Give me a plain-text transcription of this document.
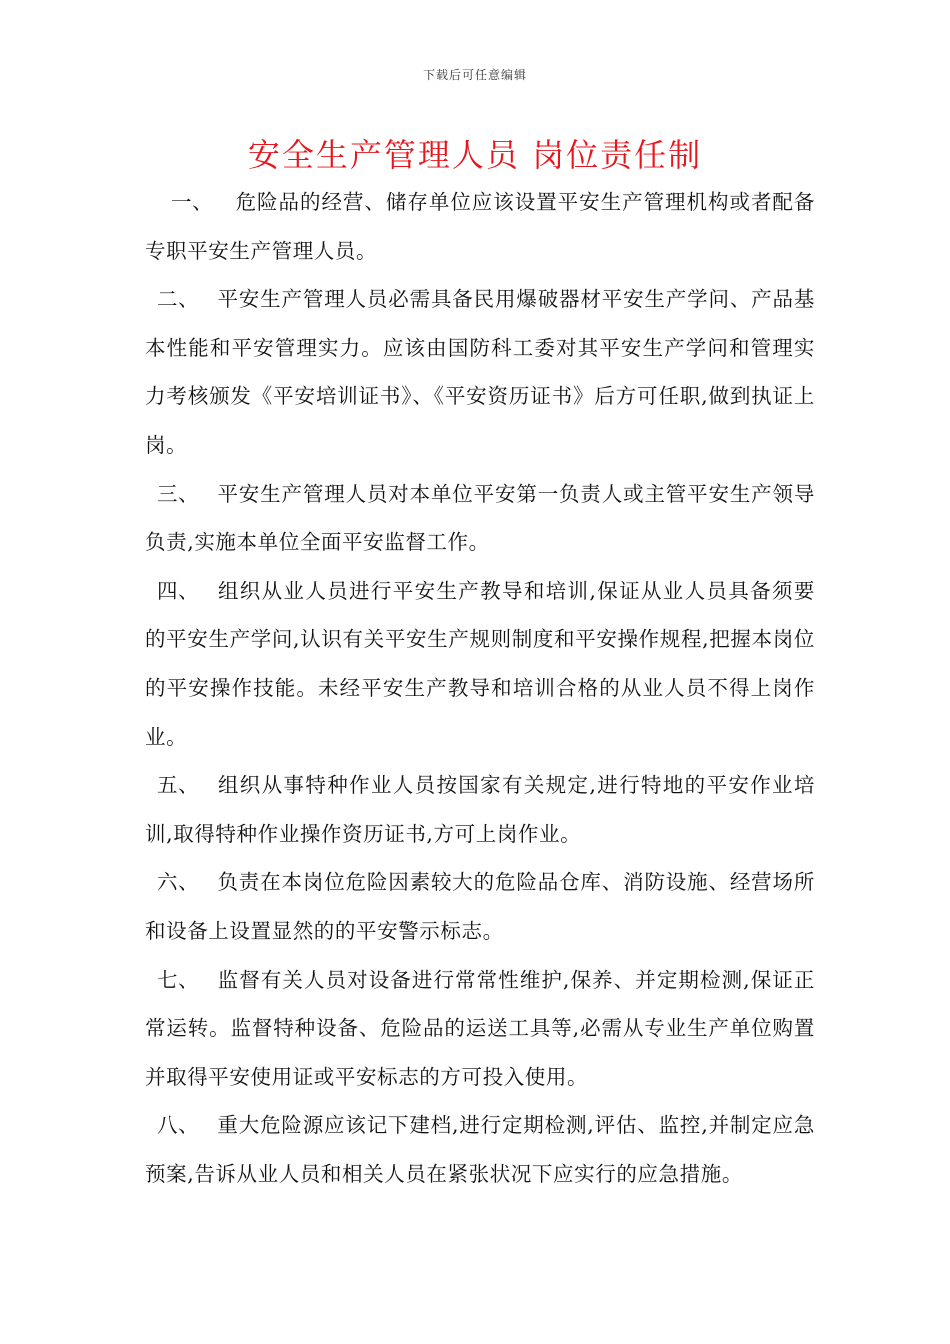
下载后可任意编辑
安全生产管理人员 岗位责任制

一、 危险品的经营、储存单位应该设置平安生产管理机构或者配备专职平安生产管理人员。

二、 平安生产管理人员必需具备民用爆破器材平安生产学问、产品基本性能和平安管理实力。应该由国防科工委对其平安生产学问和管理实力考核颁发《平安培训证书》、《平安资历证书》后方可任职,做到执证上岗。

三、 平安生产管理人员对本单位平安第一负责人或主管平安生产领导负责,实施本单位全面平安监督工作。

四、 组织从业人员进行平安生产教导和培训,保证从业人员具备须要的平安生产学问,认识有关平安生产规则制度和平安操作规程,把握本岗位的平安操作技能。未经平安生产教导和培训合格的从业人员不得上岗作业。

五、 组织从事特种作业人员按国家有关规定,进行特地的平安作业培训,取得特种作业操作资历证书,方可上岗作业。

六、 负责在本岗位危险因素较大的危险品仓库、消防设施、经营场所和设备上设置显然的的平安警示标志。

七、 监督有关人员对设备进行常常性维护,保养、并定期检测,保证正常运转。监督特种设备、危险品的运送工具等,必需从专业生产单位购置并取得平安使用证或平安标志的方可投入使用。

八、 重大危险源应该记下建档,进行定期检测,评估、监控,并制定应急预案,告诉从业人员和相关人员在紧张状况下应实行的应急措施。
